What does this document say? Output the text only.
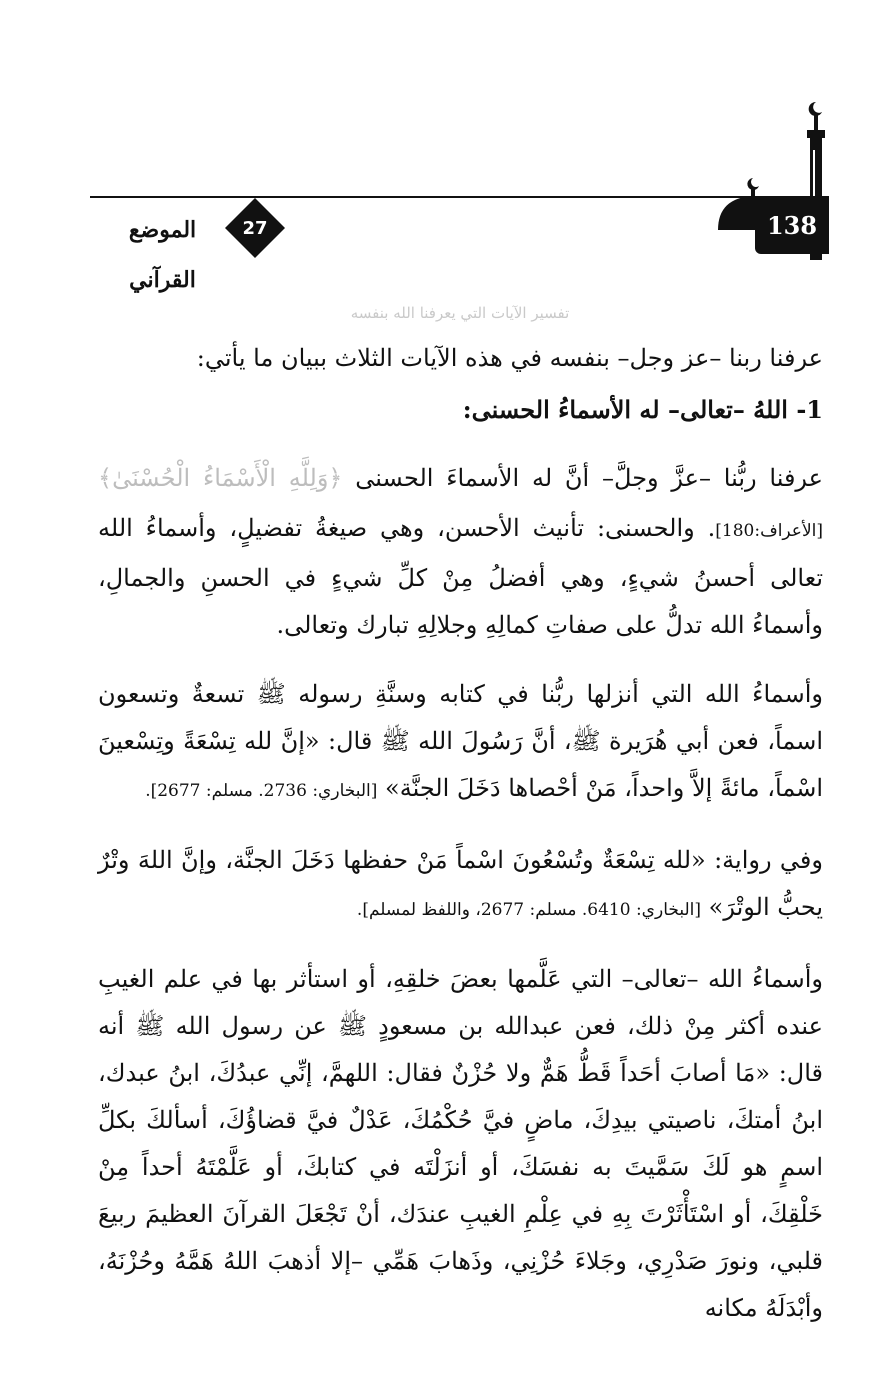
138
27
الموضع القرآني
تفسير الآيات التي يعرفنا الله بنفسه

عرفنا ربنا –عز وجل– بنفسه في هذه الآيات الثلاث ببيان ما يأتي:

1- اللهُ –تعالى– له الأسماءُ الحسنى:

عرفنا ربُّنا –عزَّ وجلَّ– أنَّ له الأسماءَ الحسنى ﴿وَلِلَّهِ الْأَسْمَاءُ الْحُسْنَىٰ﴾ [الأعراف:180]. والحسنى: تأنيث الأحسن، وهي صيغةُ تفضيلٍ، وأسماءُ الله تعالى أحسنُ شيءٍ، وهي أفضلُ مِنْ كلِّ شيءٍ في الحسنِ والجمالِ، وأسماءُ الله تدلُّ على صفاتِ كمالِهِ وجلالِهِ تبارك وتعالى.

وأسماءُ الله التي أنزلها ربُّنا في كتابه وسنَّةِ رسوله ﷺ تسعةٌ وتسعون اسماً، فعن أبي هُرَيرة ﷺ، أنَّ رَسُولَ الله ﷺ قال: «إنَّ لله تِسْعَةً وتِسْعينَ اسْماً، مائةً إلاَّ واحداً، مَنْ أحْصاها دَخَلَ الجنَّة» [البخاري: 2736. مسلم: 2677].

وفي رواية: «لله تِسْعَةٌ وتُسْعُونَ اسْماً مَنْ حفظها دَخَلَ الجنَّة، وإنَّ اللهَ وتْرٌ يحبُّ الوتْرَ» [البخاري: 6410. مسلم: 2677، واللفظ لمسلم].

وأسماءُ الله –تعالى– التي عَلَّمها بعضَ خلقِهِ، أو استأثر بها في علم الغيبِ عنده أكثر مِنْ ذلك، فعن عبدالله بن مسعودٍ ﷺ عن رسول الله ﷺ أنه قال: «مَا أصابَ أحَداً قَطُّ هَمٌّ ولا حُزْنٌ فقال: اللهمَّ، إنِّي عبدُكَ، ابنُ عبدك، ابنُ أمتكَ، ناصيتي بيدِكَ، ماضٍ فيَّ حُكْمُكَ، عَدْلٌ فيَّ قضاؤُكَ، أسألكَ بكلِّ اسمٍ هو لَكَ سَمَّيتَ به نفسَكَ، أو أنزَلْتَه في كتابكَ، أو عَلَّمْتَهُ أحداً مِنْ خَلْقِكَ، أو اسْتَأْثَرْتَ بِهِ في عِلْمِ الغيبِ عندَك، أنْ تَجْعَلَ القرآنَ العظيمَ ربيعَ قلبي، ونورَ صَدْرِي، وجَلاءَ حُزْنِي، وذَهابَ هَمِّي –إلا أذهبَ اللهُ هَمَّهُ وحُزْنَهُ، وأبْدَلَهُ مكانه
